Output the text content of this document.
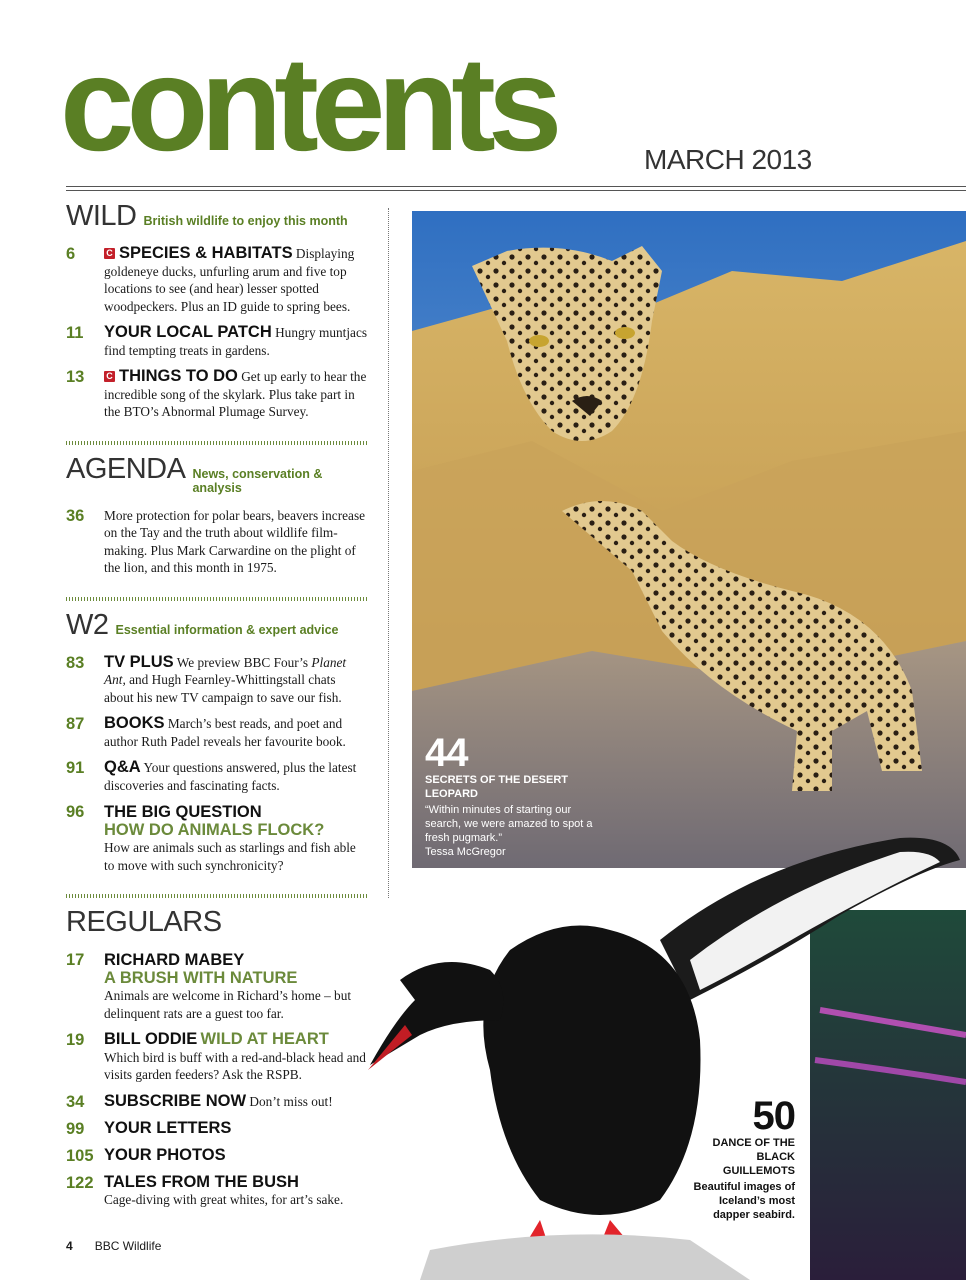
contents	MARCH 2013
WILD British wildlife to enjoy this month
6	C SPECIES & HABITATS Displaying goldeneye ducks, unfurling arum and five top locations to see (and hear) lesser spotted woodpeckers. Plus an ID guide to spring bees.
11	YOUR LOCAL PATCH Hungry muntjacs find tempting treats in gardens.
13	C THINGS TO DO Get up early to hear the incredible song of the skylark. Plus take part in the BTO’s Abnormal Plumage Survey.
AGENDA News, conservation & analysis
36	More protection for polar bears, beavers increase on the Tay and the truth about wildlife film-making. Plus Mark Carwardine on the plight of the lion, and this month in 1975.
W2 Essential information & expert advice
83	TV PLUS We preview BBC Four’s Planet Ant, and Hugh Fearnley-Whittingstall chats about his new TV campaign to save our fish.
87	BOOKS March’s best reads, and poet and author Ruth Padel reveals her favourite book.
91	Q&A Your questions answered, plus the latest discoveries and fascinating facts.
96	THE BIG QUESTION
HOW DO ANIMALS FLOCK?
How are animals such as starlings and fish able to move with such synchronicity?
REGULARS
17	RICHARD MABEY
A BRUSH WITH NATURE
Animals are welcome in Richard’s home – but delinquent rats are a guest too far.
19	BILL ODDIE WILD AT HEART
Which bird is buff with a red-and-black head and visits garden feeders? Ask the RSPB.
34	SUBSCRIBE NOW Don’t miss out!
99	YOUR LETTERS
105 YOUR PHOTOS
122 TALES FROM THE BUSH
Cage-diving with great whites, for art’s sake.
44
SECRETS OF THE DESERT LEOPARD
“Within minutes of starting our search, we were amazed to spot a fresh pugmark.”
Tessa McGregor
50
DANCE OF THE BLACK GUILLEMOTS
Beautiful images of Iceland’s most dapper seabird.
4 BBC Wildlife
